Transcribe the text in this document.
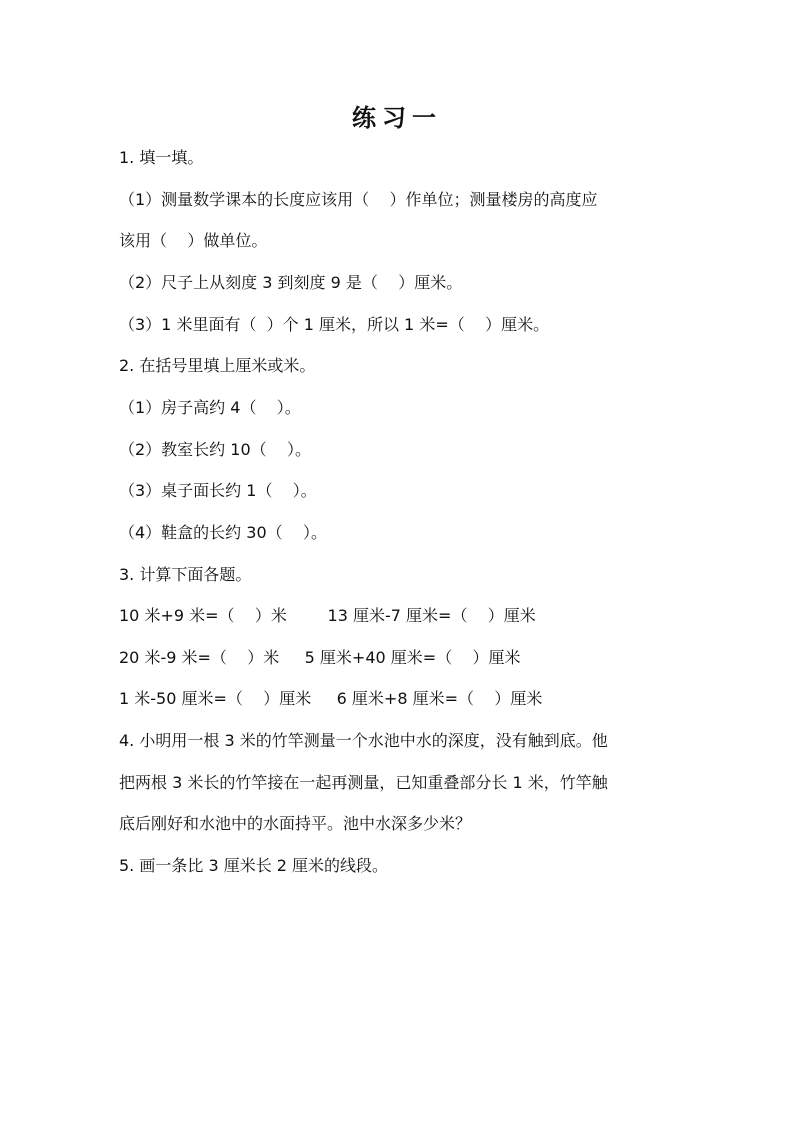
练习一
1. 填一填。
（1）测量数学课本的长度应该用（    ）作单位；测量楼房的高度应
该用（    ）做单位。
（2）尺子上从刻度 3 到刻度 9 是（    ）厘米。
（3）1 米里面有（  ）个 1 厘米，所以 1 米=（    ）厘米。
2. 在括号里填上厘米或米。
（1）房子高约 4（    ）。
（2）教室长约 10（    ）。
（3）桌子面长约 1（    ）。
（4）鞋盒的长约 30（    ）。
3. 计算下面各题。
10 米+9 米=（    ）米        13 厘米-7 厘米=（    ）厘米
20 米-9 米=（    ）米     5 厘米+40 厘米=（    ）厘米
1 米-50 厘米=（    ）厘米     6 厘米+8 厘米=（    ）厘米
4. 小明用一根 3 米的竹竿测量一个水池中水的深度，没有触到底。他
把两根 3 米长的竹竿接在一起再测量，已知重叠部分长 1 米，竹竿触
底后刚好和水池中的水面持平。池中水深多少米？
5. 画一条比 3 厘米长 2 厘米的线段。
